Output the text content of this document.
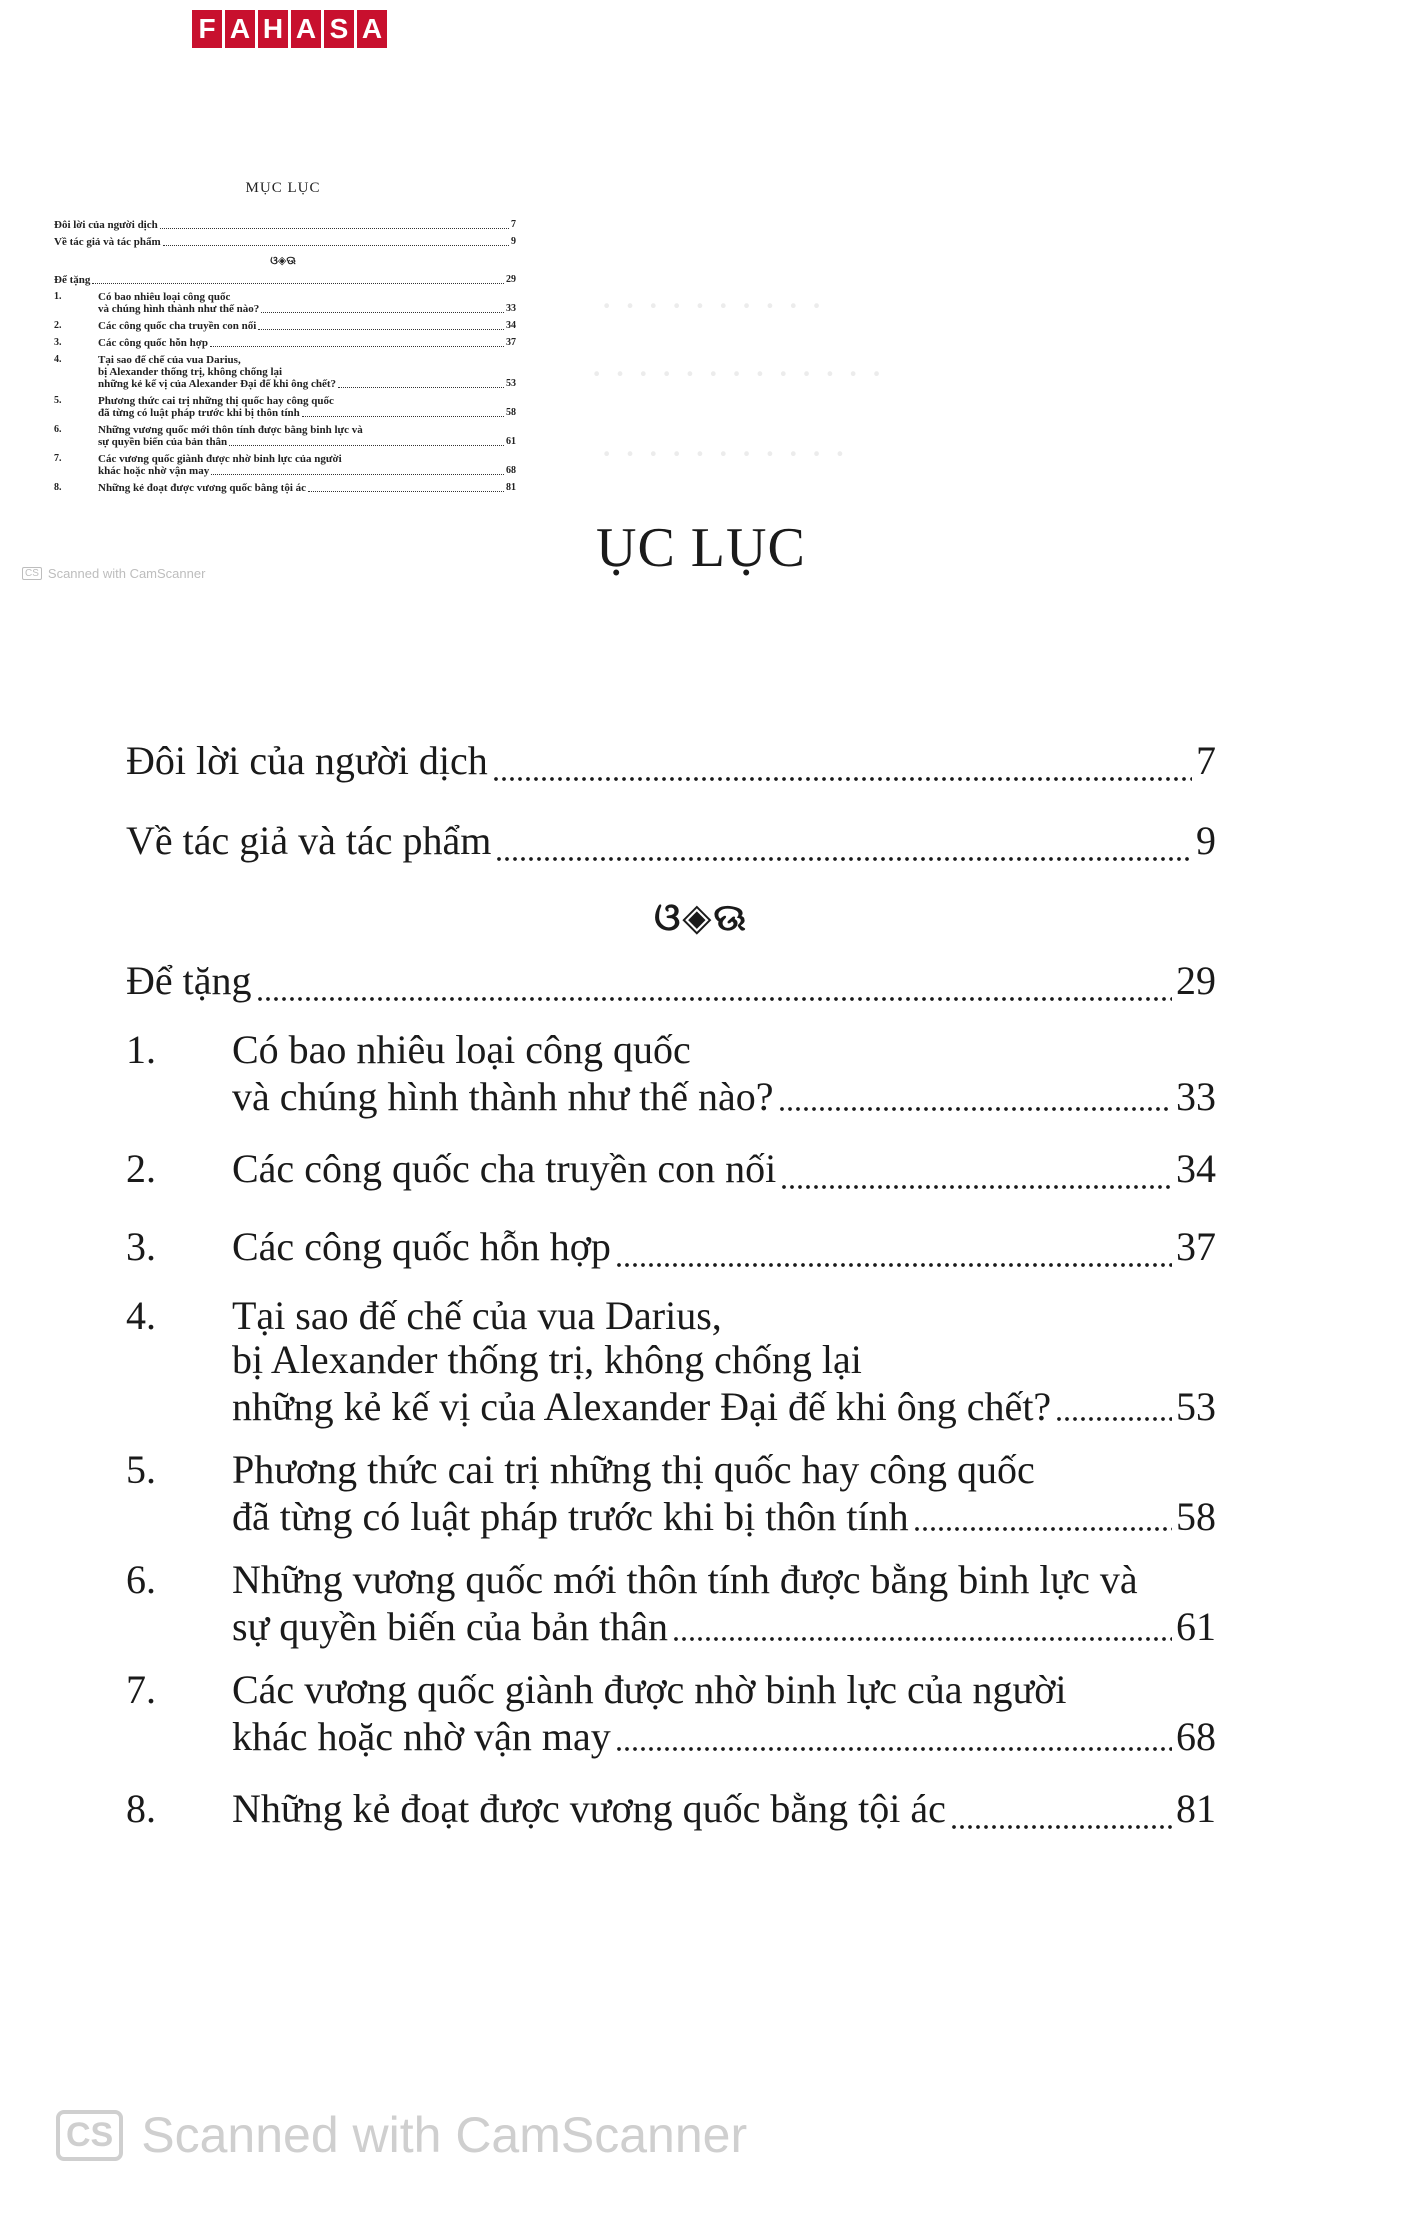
F A H A S A
MỤC LỤC
Đôi lời của người dịch	7
Về tác giả và tác phẩm	9
ଓ◈ଊ
Để tặng	29
1.	Có bao nhiêu loại công quốc
và chúng hình thành như thế nào?	33
2.	Các công quốc cha truyền con nối	34
3.	Các công quốc hỗn hợp	37
4.	Tại sao đế chế của vua Darius,
bị Alexander thống trị, không chống lại
những kẻ kế vị của Alexander Đại đế khi ông chết?	53
5.	Phương thức cai trị những thị quốc hay công quốc
đã từng có luật pháp trước khi bị thôn tính	58
6.	Những vương quốc mới thôn tính được bằng binh lực và
sự quyền biến của bản thân	61
7.	Các vương quốc giành được nhờ binh lực của người
khác hoặc nhờ vận may	68
8.	Những kẻ đoạt được vương quốc bằng tội ác	81
CS Scanned with CamScanner
· · · · · · · · · ·
· · · · · · · · · · · · ·
· · · · · · · · · · ·
ỤC LỤC
Đôi lời của người dịch	7
Về tác giả và tác phẩm	9
ଓ◈ଊ
Để tặng	29
1.	Có bao nhiêu loại công quốc
và chúng hình thành như thế nào?	33
2.	Các công quốc cha truyền con nối	34
3.	Các công quốc hỗn hợp	37
4.	Tại sao đế chế của vua Darius,
bị Alexander thống trị, không chống lại
những kẻ kế vị của Alexander Đại đế khi ông chết?	53
5.	Phương thức cai trị những thị quốc hay công quốc
đã từng có luật pháp trước khi bị thôn tính	58
6.	Những vương quốc mới thôn tính được bằng binh lực và
sự quyền biến của bản thân	61
7.	Các vương quốc giành được nhờ binh lực của người
khác hoặc nhờ vận may	68
8.	Những kẻ đoạt được vương quốc bằng tội ác	81
CS Scanned with CamScanner
